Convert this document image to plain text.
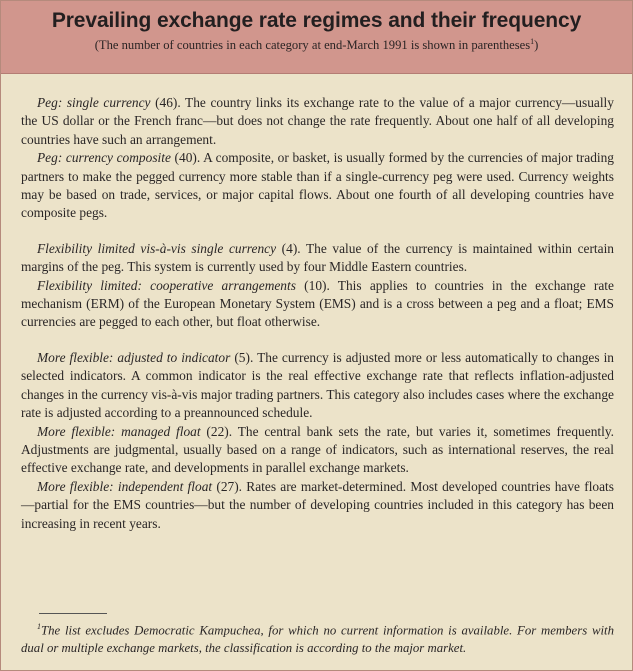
Prevailing exchange rate regimes and their frequency
(The number of countries in each category at end-March 1991 is shown in parentheses$^1$)

Peg: single currency (46). The country links its exchange rate to the value of a major currency—usually the US dollar or the French franc—but does not change the rate frequently. About one half of all developing countries have such an arrangement.

Peg: currency composite (40). A composite, or basket, is usually formed by the currencies of major trading partners to make the pegged currency more stable than if a single-currency peg were used. Currency weights may be based on trade, services, or major capital flows. About one fourth of all developing countries have composite pegs.

Flexibility limited vis-à-vis single currency (4). The value of the currency is maintained within certain margins of the peg. This system is currently used by four Middle Eastern countries.

Flexibility limited: cooperative arrangements (10). This applies to countries in the exchange rate mechanism (ERM) of the European Monetary System (EMS) and is a cross between a peg and a float; EMS currencies are pegged to each other, but float otherwise.

More flexible: adjusted to indicator (5). The currency is adjusted more or less automatically to changes in selected indicators. A common indicator is the real effective exchange rate that reflects inflation-adjusted changes in the currency vis-à-vis major trading partners. This category also includes cases where the exchange rate is adjusted according to a preannounced schedule.

More flexible: managed float (22). The central bank sets the rate, but varies it, sometimes frequently. Adjustments are judgmental, usually based on a range of indicators, such as international reserves, the real effective exchange rate, and developments in parallel exchange markets.

More flexible: independent float (27). Rates are market-determined. Most developed countries have floats—partial for the EMS countries—but the number of developing countries included in this category has been increasing in recent years.

$^1$The list excludes Democratic Kampuchea, for which no current information is available. For members with dual or multiple exchange markets, the classification is according to the major market.
